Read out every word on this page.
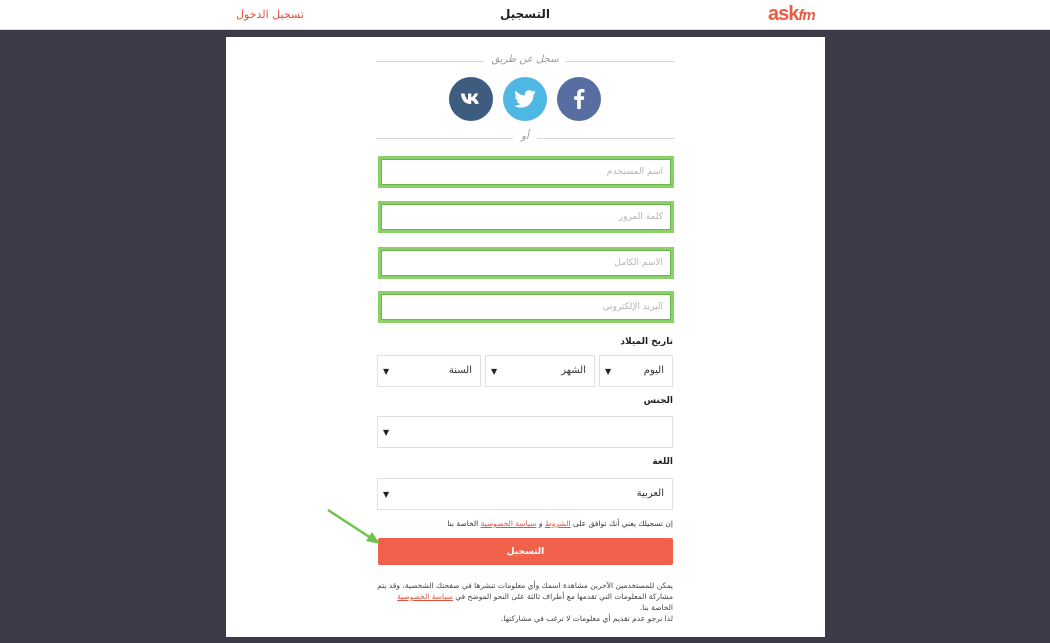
تسجيل الدخول	التسجيل	askfm
سجل عن طريق
أو
اسم المستخدم
الاسم الكامل
البريد الإلكتروني
تاريخ الميلاد
اليوم
▼
الشهر
▼
السنة
▼
الجنس
▼
اللغة
العربية
▼
إن تسجيلك يعني أنك توافق على الشروط و سياسة الخصوصية الخاصة بنا
التسجيل

يمكن للمستخدمين الآخرين مشاهدة اسمك وأي معلومات تنشرها في صفحتك الشخصية، وقد يتم

مشاركة المعلومات التي تقدمها مع أطراف ثالثة على النحو الموضح في سياسة الخصوصية الخاصة بنا.

لذا نرجو عدم تقديم أي معلومات لا ترغب في مشاركتها.
